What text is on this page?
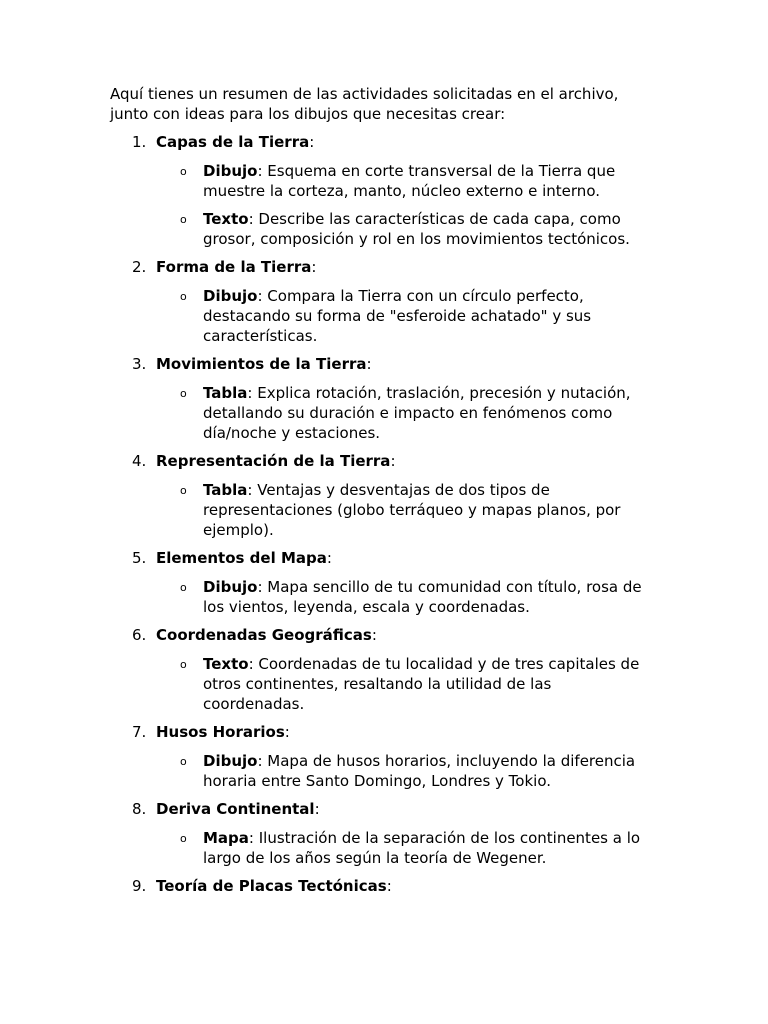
Aquí tienes un resumen de las actividades solicitadas en el archivo,
junto con ideas para los dibujos que necesitas crear:

1. Capas de la Tierra:
o Dibujo: Esquema en corte transversal de la Tierra que
muestre la corteza, manto, núcleo externo e interno.
o Texto: Describe las características de cada capa, como
grosor, composición y rol en los movimientos tectónicos.
2. Forma de la Tierra:
o Dibujo: Compara la Tierra con un círculo perfecto,
destacando su forma de "esferoide achatado" y sus
características.
3. Movimientos de la Tierra:
o Tabla: Explica rotación, traslación, precesión y nutación,
detallando su duración e impacto en fenómenos como
día/noche y estaciones.
4. Representación de la Tierra:
o Tabla: Ventajas y desventajas de dos tipos de
representaciones (globo terráqueo y mapas planos, por
ejemplo).
5. Elementos del Mapa:
o Dibujo: Mapa sencillo de tu comunidad con título, rosa de
los vientos, leyenda, escala y coordenadas.
6. Coordenadas Geográficas:
o Texto: Coordenadas de tu localidad y de tres capitales de
otros continentes, resaltando la utilidad de las
coordenadas.
7. Husos Horarios:
o Dibujo: Mapa de husos horarios, incluyendo la diferencia
horaria entre Santo Domingo, Londres y Tokio.
8. Deriva Continental:
o Mapa: Ilustración de la separación de los continentes a lo
largo de los años según la teoría de Wegener.
9. Teoría de Placas Tectónicas:
